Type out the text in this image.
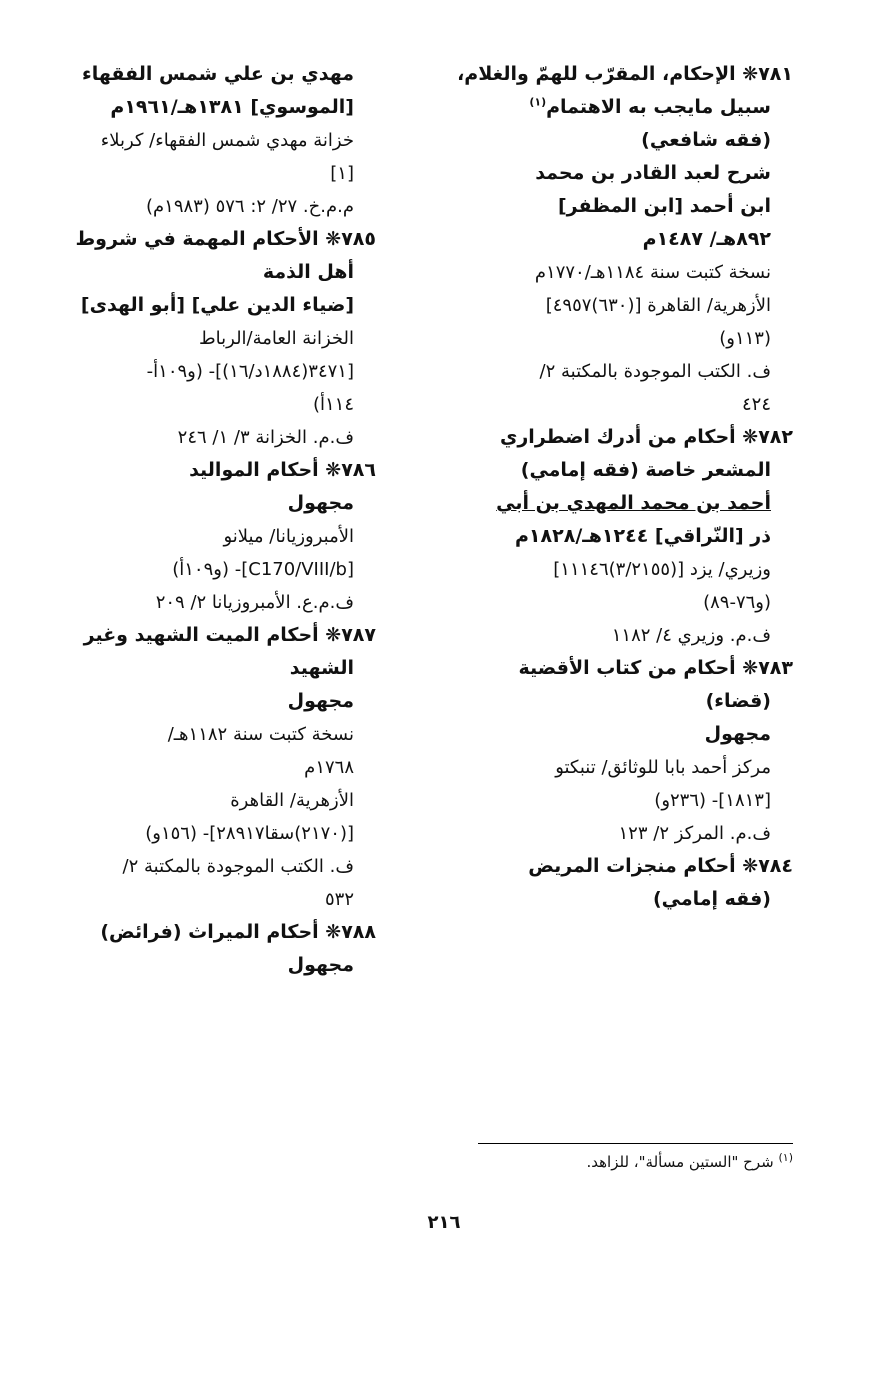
٧٨١❋ الإحكام، المقرّب للهمّ والغلام،
سبيل مايجب به الاهتمام$^{(١)}$
(فقه شافعي)
شرح لعبد القادر بن محمد
ابن أحمد [ابن المظفر]
٨٩٢هـ/ ١٤٨٧م
نسخة كتبت سنة ١١٨٤هـ/١٧٧٠م
الأزهرية/ القاهرة [(٦٣٠)٤٩٥٧]
(١١٣و)
ف. الكتب الموجودة بالمكتبة ٢/
٤٢٤
٧٨٢❋ أحكام من أدرك اضطراري
المشعر خاصة (فقه إمامي)
أحمد بن محمد المهدي بن أبي
ذر [النّراقي] ١٢٤٤هـ/١٨٢٨م
وزيري/ يزد [(٣/٢١٥٥)١١١٤٦]
(و٧٦-٨٩)
ف.م. وزيري ٤/ ١١٨٢
٧٨٣❋ أحكام من كتاب الأقضية
(قضاء)
مجهول
مركز أحمد بابا للوثائق/ تنبكتو
[١٨١٣]- (٢٣٦و)
ف.م. المركز ٢/ ١٢٣
٧٨٤❋ أحكام منجزات المريض
(فقه إمامي)
مهدي بن علي شمس الفقهاء
[الموسوي] ١٣٨١هـ/١٩٦١م
خزانة مهدي شمس الفقهاء/ كربلاء
[١]
م.م.خ. ٢٧/ ٢: ٥٧٦ (١٩٨٣م)
٧٨٥❋ الأحكام المهمة في شروط
أهل الذمة
[ضياء الدين علي] [أبو الهدى]
الخزانة العامة/الرباط
[٣٤٧١(١٨٨٤د/١٦)]- (و١٠٩أ-
١١٤أ)
ف.م. الخزانة ٣/ ١/ ٢٤٦
٧٨٦❋ أحكام المواليد
مجهول
الأمبروزيانا/ ميلانو
[C170/VIII/b]- (و١٠٩أ)
ف.م.ع. الأمبروزيانا ٢/ ٢٠٩
٧٨٧❋ أحكام الميت الشهيد وغير
الشهيد
مجهول
نسخة كتبت سنة ١١٨٢هـ/
١٧٦٨م
الأزهرية/ القاهرة
[(٢١٧٠)سقا٢٨٩١٧]- (١٥٦و)
ف. الكتب الموجودة بالمكتبة ٢/
٥٣٢
٧٨٨❋ أحكام الميراث (فرائض)
مجهول
$^{(١)}$ شرح "الستين مسألة"، للزاهد.
٢١٦
